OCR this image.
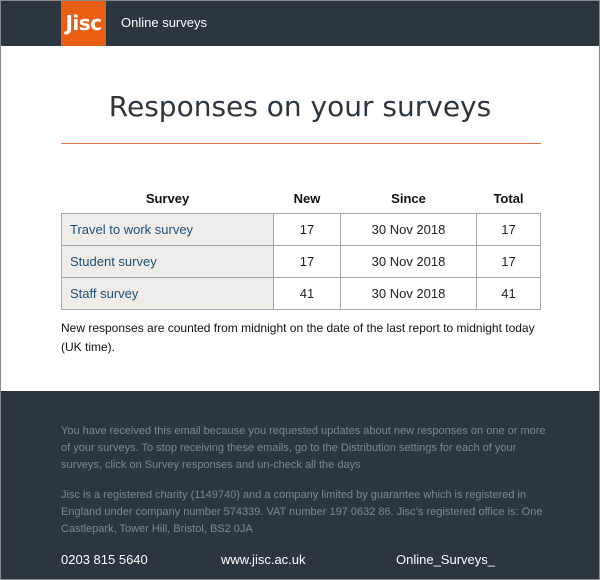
Jisc	Online surveys
Responses on your surveys
Survey	New	Since	Total
Travel to work survey	17	30 Nov 2018	17
Student survey	17	30 Nov 2018	17
Staff survey	41	30 Nov 2018	41
New responses are counted from midnight on the date of the last report to midnight today (UK time).

You have received this email because you requested updates about new responses on one or more of your surveys. To stop receiving these emails, go to the Distribution settings for each of your surveys, click on Survey responses and un-check all the days

Jisc is a registered charity (1149740) and a company limited by guarantee which is registered in England under company number 574339. VAT number 197 0632 86. Jisc’s registered office is: One Castlepark, Tower Hill, Bristol, BS2 0JA

0203 815 5640	www.jisc.ac.uk	Online_Surveys_
